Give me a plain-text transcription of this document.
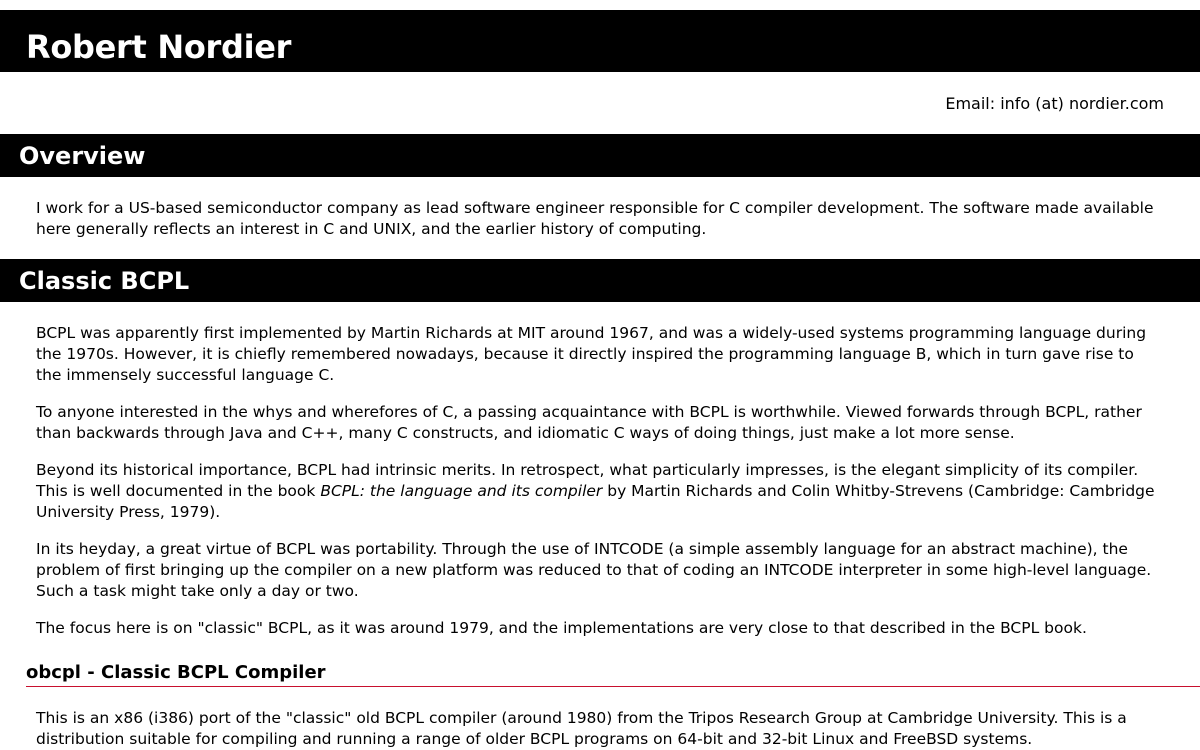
Robert Nordier
Email: info (at) nordier.com
Overview

I work for a US-based semiconductor company as lead software engineer responsible for C compiler development. The software made available here generally reflects an interest in C and UNIX, and the earlier history of computing.

Classic BCPL

BCPL was apparently first implemented by Martin Richards at MIT around 1967, and was a widely-used systems programming language during the 1970s. However, it is chiefly remembered nowadays, because it directly inspired the programming language B, which in turn gave rise to the immensely successful language C.

To anyone interested in the whys and wherefores of C, a passing acquaintance with BCPL is worthwhile. Viewed forwards through BCPL, rather than backwards through Java and C++, many C constructs, and idiomatic C ways of doing things, just make a lot more sense.

Beyond its historical importance, BCPL had intrinsic merits. In retrospect, what particularly impresses, is the elegant simplicity of its compiler. This is well documented in the book BCPL: the language and its compiler by Martin Richards and Colin Whitby-Strevens (Cambridge: Cambridge University Press, 1979).

In its heyday, a great virtue of BCPL was portability. Through the use of INTCODE (a simple assembly language for an abstract machine), the problem of first bringing up the compiler on a new platform was reduced to that of coding an INTCODE interpreter in some high-level language. Such a task might take only a day or two.

The focus here is on "classic" BCPL, as it was around 1979, and the implementations are very close to that described in the BCPL book.

obcpl - Classic BCPL Compiler

This is an x86 (i386) port of the "classic" old BCPL compiler (around 1980) from the Tripos Research Group at Cambridge University. This is a distribution suitable for compiling and running a range of older BCPL programs on 64-bit and 32-bit Linux and FreeBSD systems.
